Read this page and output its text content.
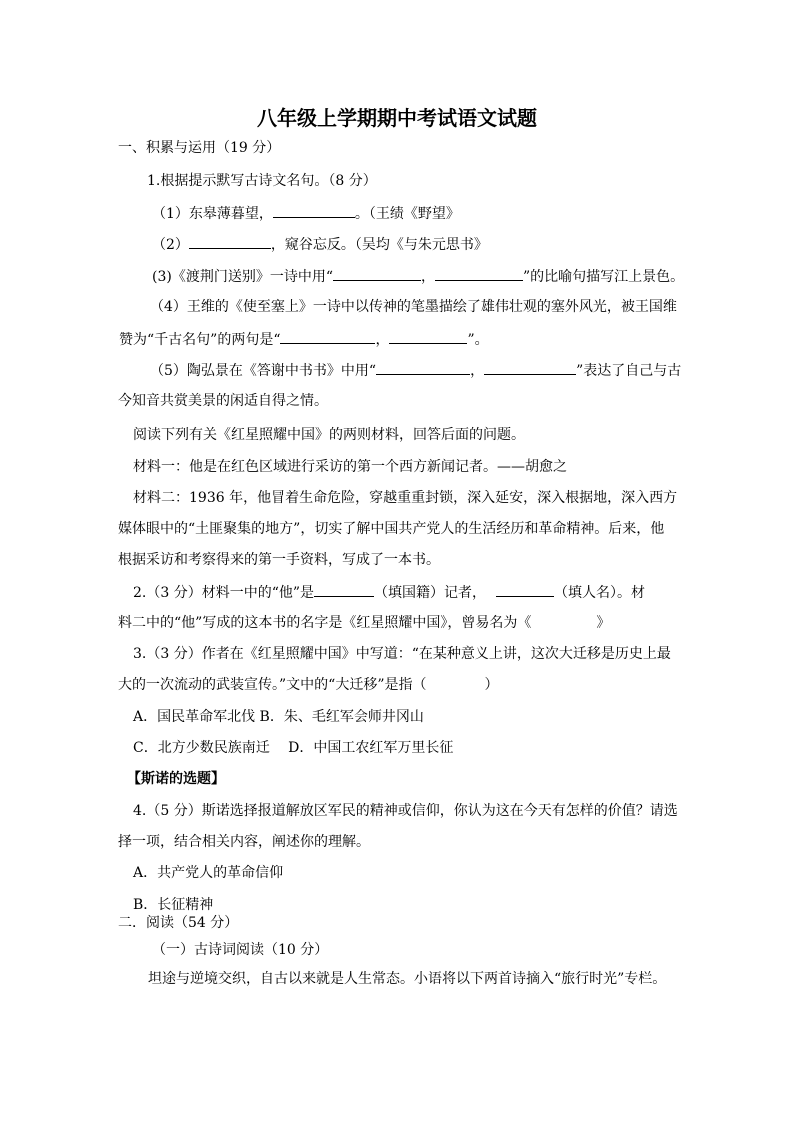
八年级上学期期中考试语文试题
一、积累与运用（19 分）
1.根据提示默写古诗文名句。（8 分）
（1）东皋薄暮望，	。（王绩《野望》
（2）	，窥谷忘反。（吴均《与朱元思书》
(3)《渡荆门送别》一诗中用“	，	”的比喻句描写江上景色。
（4）王维的《使至塞上》一诗中以传神的笔墨描绘了雄伟壮观的塞外风光，被王国维
赞为“千古名句”的两句是“	，	”。
（5）陶弘景在《答谢中书书》中用“	，	”表达了自己与古
今知音共赏美景的闲适自得之情。
阅读下列有关《红星照耀中国》的两则材料，回答后面的问题。
材料一：他是在红色区域进行采访的第一个西方新闻记者。——胡愈之
材料二：1936 年，他冒着生命危险，穿越重重封锁，深入延安，深入根据地，深入西方
媒体眼中的“土匪聚集的地方”，切实了解中国共产党人的生活经历和革命精神。后来，他
根据采访和考察得来的第一手资料，写成了一本书。
2.（3 分）材料一中的“他”是	（填国籍）记者，	（填人名）。材
料二中的“他”写成的这本书的名字是《红星照耀中国》，曾易名为《	》
3.（3 分）作者在《红星照耀中国》中写道：“在某种意义上讲，这次大迁移是历史上最
大的一次流动的武装宣传。”文中的“大迁移”是指（	）
A．国民革命军北伐 B．朱、毛红军会师井冈山
C．北方少数民族南迁　 D．中国工农红军万里长征
【斯诺的选题】
4.（5 分）斯诺选择报道解放区军民的精神或信仰，你认为这在今天有怎样的价值？请选
择一项，结合相关内容，阐述你的理解。
A．共产党人的革命信仰
B．长征精神
二．阅读（54 分）
（一）古诗词阅读（10 分）
坦途与逆境交织，自古以来就是人生常态。小语将以下两首诗摘入“旅行时光”专栏。
